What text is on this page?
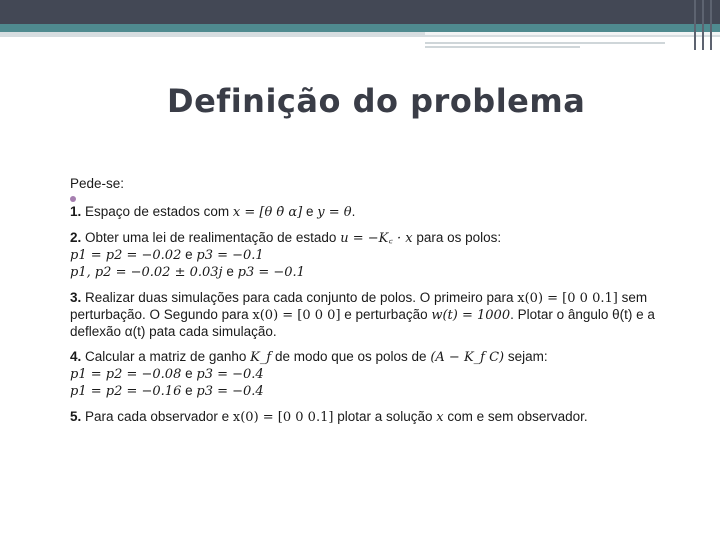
Definição do problema

Pede-se:

1. Espaço de estados com x = [θ θ̇ α] e y = θ.

2. Obter uma lei de realimentação de estado u = −K꜀ · x para os polos:

p1 = p2 = −0.02 e p3 = −0.1

p1, p2 = −0.02 ± 0.03j e p3 = −0.1

3. Realizar duas simulações para cada conjunto de polos. O primeiro para x(0) = [0 0 0.1] sem perturbação. O Segundo para x(0) = [0 0 0] e perturbação w(t) = 1000. Plotar o ângulo θ(t) e a deflexão α(t) pata cada simulação.

4. Calcular a matriz de ganho K_f de modo que os polos de (A − K_f C) sejam:

p1 = p2 = −0.08 e p3 = −0.4

p1 = p2 = −0.16 e p3 = −0.4

5. Para cada observador e x(0) = [0 0 0.1] plotar a solução x com e sem observador.
